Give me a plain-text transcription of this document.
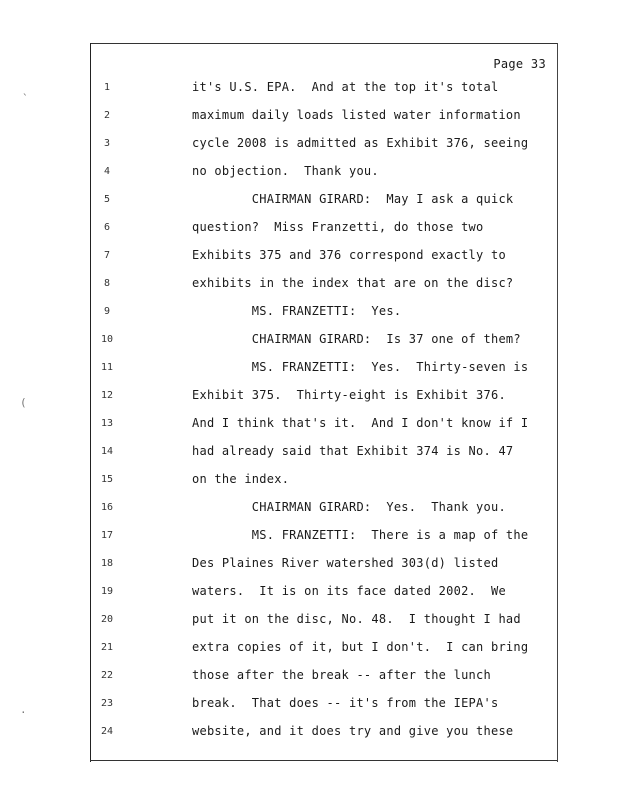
Page 33
`
(
·
1	it's U.S. EPA.  And at the top it's total
2	maximum daily loads listed water information
3	cycle 2008 is admitted as Exhibit 376, seeing
4	no objection.  Thank you.
5	CHAIRMAN GIRARD:  May I ask a quick
6	question?  Miss Franzetti, do those two
7	Exhibits 375 and 376 correspond exactly to
8	exhibits in the index that are on the disc?
9	MS. FRANZETTI:  Yes.
10	CHAIRMAN GIRARD:  Is 37 one of them?
11	MS. FRANZETTI:  Yes.  Thirty-seven is
12	Exhibit 375.  Thirty-eight is Exhibit 376.
13	And I think that's it.  And I don't know if I
14	had already said that Exhibit 374 is No. 47
15	on the index.
16	CHAIRMAN GIRARD:  Yes.  Thank you.
17	MS. FRANZETTI:  There is a map of the
18	Des Plaines River watershed 303(d) listed
19	waters.  It is on its face dated 2002.  We
20	put it on the disc, No. 48.  I thought I had
21	extra copies of it, but I don't.  I can bring
22	those after the break -- after the lunch
23	break.  That does -- it's from the IEPA's
24	website, and it does try and give you these
